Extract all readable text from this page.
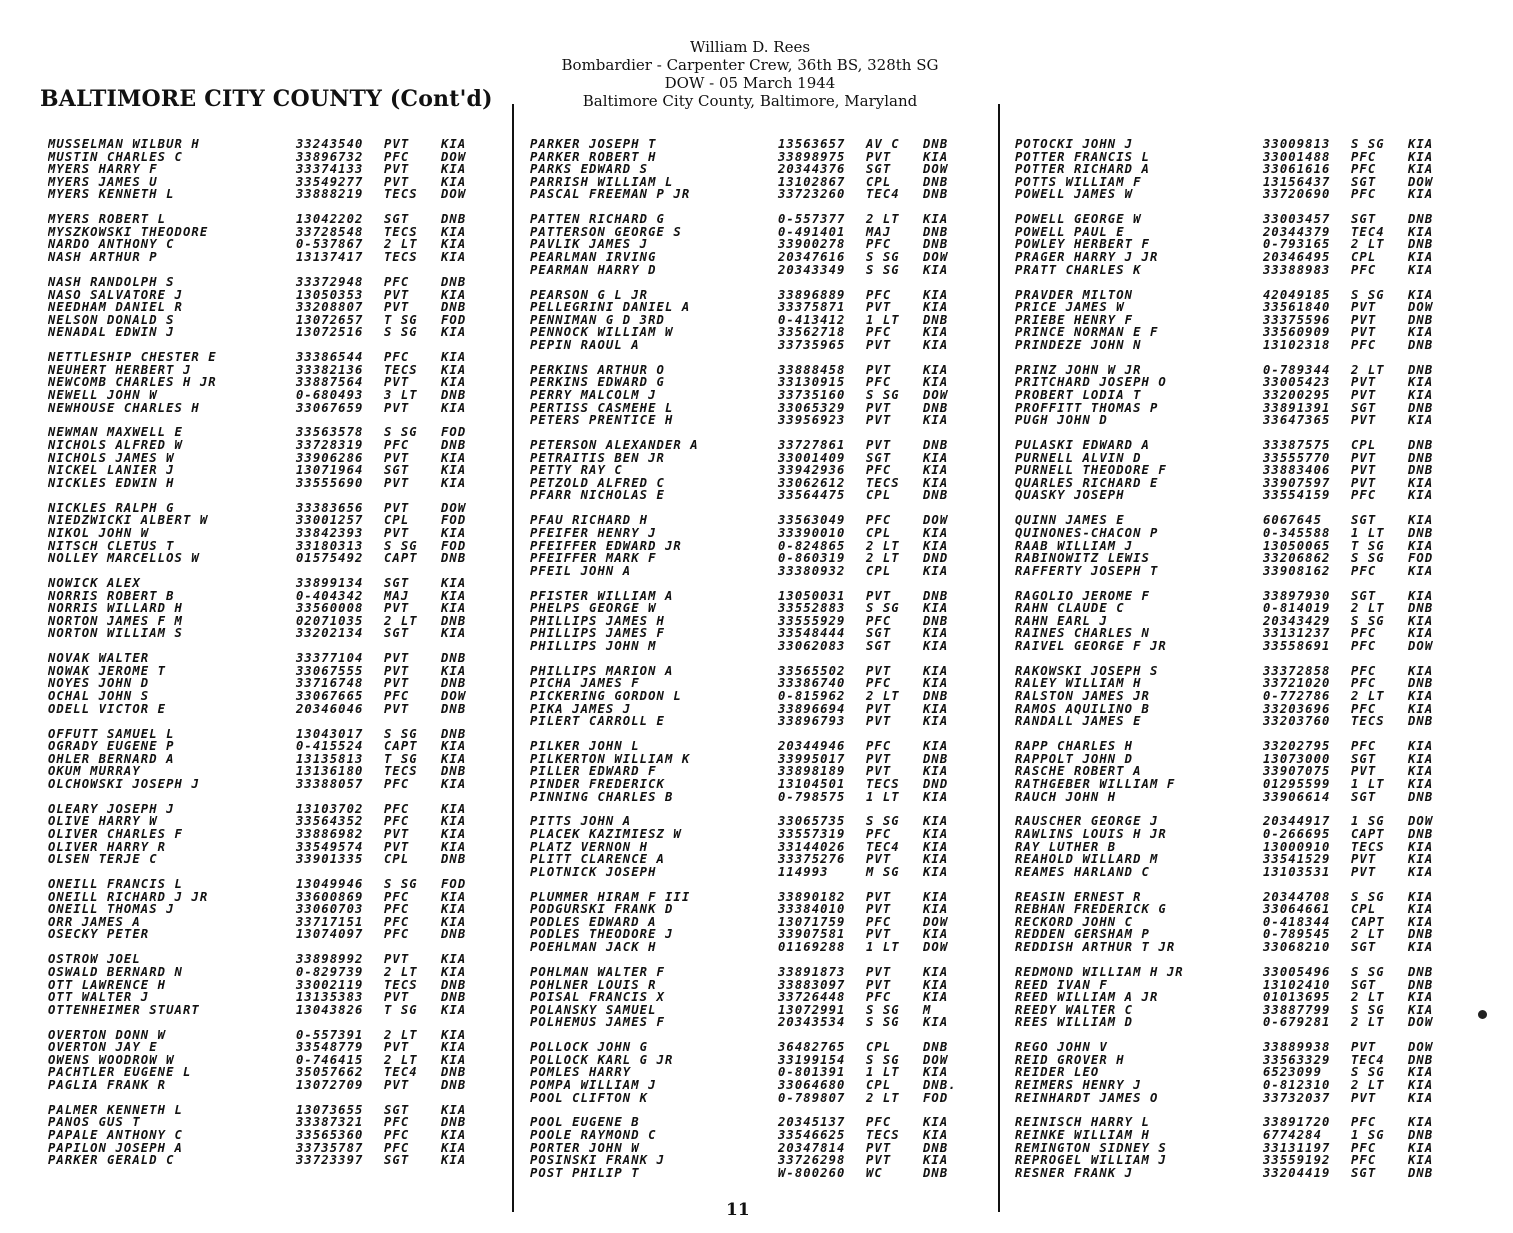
William D. Rees
Bombardier - Carpenter Crew, 36th BS, 328th SG
DOW - 05 March 1944
Baltimore City County, Baltimore, Maryland
BALTIMORE CITY COUNTY (Cont'd)
MUSSELMAN WILBUR H	33243540	PVT	KIA
MUSTIN CHARLES C	33896732	PFC	DOW
MYERS HARRY F	33374133	PVT	KIA
MYERS JAMES U	33549277	PVT	KIA
MYERS KENNETH L	33888219	TECS	DOW
MYERS ROBERT L	13042202	SGT	DNB
MYSZKOWSKI THEODORE	33728548	TECS	KIA
NARDO ANTHONY C	0-537867	2 LT	KIA
NASH ARTHUR P	13137417	TECS	KIA
NASH RANDOLPH S	33372948	PFC	DNB
NASO SALVATORE J	13050353	PVT	KIA
NEEDHAM DANIEL R	33208807	PVT	DNB
NELSON DONALD S	13072657	T SG	FOD
NENADAL EDWIN J	13072516	S SG	KIA
NETTLESHIP CHESTER E	33386544	PFC	KIA
NEUHERT HERBERT J	33382136	TECS	KIA
NEWCOMB CHARLES H JR	33887564	PVT	KIA
NEWELL JOHN W	0-680493	3 LT	DNB
NEWHOUSE CHARLES H	33067659	PVT	KIA
NEWMAN MAXWELL E	33563578	S SG	FOD
NICHOLS ALFRED W	33728319	PFC	DNB
NICHOLS JAMES W	33906286	PVT	KIA
NICKEL LANIER J	13071964	SGT	KIA
NICKLES EDWIN H	33555690	PVT	KIA
NICKLES RALPH G	33383656	PVT	DOW
NIEDZWICKI ALBERT W	33001257	CPL	FOD
NIKOL JOHN W	33842393	PVT	KIA
NITSCH CLETUS T	33180313	S SG	FOD
NOLLEY MARCELLOS W	01575492	CAPT	DNB
NOWICK ALEX	33899134	SGT	KIA
NORRIS ROBERT B	0-404342	MAJ	KIA
NORRIS WILLARD H	33560008	PVT	KIA
NORTON JAMES F M	02071035	2 LT	DNB
NORTON WILLIAM S	33202134	SGT	KIA
NOVAK WALTER	33377104	PVT	DNB
NOWAK JEROME T	33067555	PVT	KIA
NOYES JOHN D	33716748	PVT	DNB
OCHAL JOHN S	33067665	PFC	DOW
ODELL VICTOR E	20346046	PVT	DNB
OFFUTT SAMUEL L	13043017	S SG	DNB
OGRADY EUGENE P	0-415524	CAPT	KIA
OHLER BERNARD A	13135813	T SG	KIA
OKUM MURRAY	13136180	TECS	DNB
OLCHOWSKI JOSEPH J	33388057	PFC	KIA
OLEARY JOSEPH J	13103702	PFC	KIA
OLIVE HARRY W	33564352	PFC	KIA
OLIVER CHARLES F	33886982	PVT	KIA
OLIVER HARRY R	33549574	PVT	KIA
OLSEN TERJE C	33901335	CPL	DNB
ONEILL FRANCIS L	13049946	S SG	FOD
ONEILL RICHARD J JR	33600869	PFC	KIA
ONEILL THOMAS J	33060703	PFC	KIA
ORR JAMES A	33717151	PFC	KIA
OSECKY PETER	13074097	PFC	DNB
OSTROW JOEL	33898992	PVT	KIA
OSWALD BERNARD N	0-829739	2 LT	KIA
OTT LAWRENCE H	33002119	TECS	DNB
OTT WALTER J	13135383	PVT	DNB
OTTENHEIMER STUART	13043826	T SG	KIA
OVERTON DONN W	0-557391	2 LT	KIA
OVERTON JAY E	33548779	PVT	KIA
OWENS WOODROW W	0-746415	2 LT	KIA
PACHTLER EUGENE L	35057662	TEC4	DNB
PAGLIA FRANK R	13072709	PVT	DNB
PALMER KENNETH L	13073655	SGT	KIA
PANOS GUS T	33387321	PFC	DNB
PAPALE ANTHONY C	33565360	PFC	KIA
PAPILON JOSEPH A	33735787	PFC	KIA
PARKER GERALD C	33723397	SGT	KIA
PARKER JOSEPH T	13563657	AV C	DNB
PARKER ROBERT H	33898975	PVT	KIA
PARKS EDWARD S	20344376	SGT	DOW
PARRISH WILLIAM L	13102867	CPL	DNB
PASCAL FREEMAN P JR	33723260	TEC4	DNB
PATTEN RICHARD G	0-557377	2 LT	KIA
PATTERSON GEORGE S	0-491401	MAJ	DNB
PAVLIK JAMES J	33900278	PFC	DNB
PEARLMAN IRVING	20347616	S SG	DOW
PEARMAN HARRY D	20343349	S SG	KIA
PEARSON G L JR	33896889	PFC	KIA
PELLEGRINI DANIEL A	33375871	PVT	KIA
PENNIMAN G D 3RD	0-413412	1 LT	DNB
PENNOCK WILLIAM W	33562718	PFC	KIA
PEPIN RAOUL A	33735965	PVT	KIA
PERKINS ARTHUR O	33888458	PVT	KIA
PERKINS EDWARD G	33130915	PFC	KIA
PERRY MALCOLM J	33735160	S SG	DOW
PERTISS CASMEHE L	33065329	PVT	DNB
PETERS PRENTICE H	33956923	PVT	KIA
PETERSON ALEXANDER A	33727861	PVT	DNB
PETRAITIS BEN JR	33001409	SGT	KIA
PETTY RAY C	33942936	PFC	KIA
PETZOLD ALFRED C	33062612	TECS	KIA
PFARR NICHOLAS E	33564475	CPL	DNB
PFAU RICHARD H	33563049	PFC	DOW
PFEIFER HENRY J	33390010	CPL	KIA
PFEIFFER EDWARD JR	0-824865	2 LT	KIA
PFEIFFER MARK F	0-860319	2 LT	DND
PFEIL JOHN A	33380932	CPL	KIA
PFISTER WILLIAM A	13050031	PVT	DNB
PHELPS GEORGE W	33552883	S SG	KIA
PHILLIPS JAMES H	33555929	PFC	DNB
PHILLIPS JAMES F	33548444	SGT	KIA
PHILLIPS JOHN M	33062083	SGT	KIA
PHILLIPS MARION A	33565502	PVT	KIA
PICHA JAMES F	33386740	PFC	KIA
PICKERING GORDON L	0-815962	2 LT	DNB
PIKA JAMES J	33896694	PVT	KIA
PILERT CARROLL E	33896793	PVT	KIA
PILKER JOHN L	20344946	PFC	KIA
PILKERTON WILLIAM K	33995017	PVT	DNB
PILLER EDWARD F	33898189	PVT	KIA
PINDER FREDERICK	13104501	TECS	DND
PINNING CHARLES B	0-798575	1 LT	KIA
PITTS JOHN A	33065735	S SG	KIA
PLACEK KAZIMIESZ W	33557319	PFC	KIA
PLATZ VERNON H	33144026	TEC4	KIA
PLITT CLARENCE A	33375276	PVT	KIA
PLOTNICK JOSEPH	114993	M SG	KIA
PLUMMER HIRAM F III	33890182	PVT	KIA
PODGURSKI FRANK D	33384010	PVT	KIA
PODLES EDWARD A	13071759	PFC	DOW
PODLES THEODORE J	33907581	PVT	KIA
POEHLMAN JACK H	01169288	1 LT	DOW
POHLMAN WALTER F	33891873	PVT	KIA
POHLNER LOUIS R	33883097	PVT	KIA
POISAL FRANCIS X	33726448	PFC	KIA
POLANSKY SAMUEL	13072991	S SG	M
POLHEMUS JAMES F	20343534	S SG	KIA
POLLOCK JOHN G	36482765	CPL	DNB
POLLOCK KARL G JR	33199154	S SG	DOW
POMLES HARRY	0-801391	1 LT	KIA
POMPA WILLIAM J	33064680	CPL	DNB.
POOL CLIFTON K	0-789807	2 LT	FOD
POOL EUGENE B	20345137	PFC	KIA
POOLE RAYMOND C	33546625	TECS	KIA
PORTER JOHN W	20347814	PVT	DNB
POSINSKI FRANK J	33726298	PVT	KIA
POST PHILIP T	W-800260	WC	DNB
POTOCKI JOHN J	33009813	S SG	KIA
POTTER FRANCIS L	33001488	PFC	KIA
POTTER RICHARD A	33061616	PFC	KIA
POTTS WILLIAM F	13156437	SGT	DOW
POWELL JAMES W	33720690	PFC	KIA
POWELL GEORGE W	33003457	SGT	DNB
POWELL PAUL E	20344379	TEC4	KIA
POWLEY HERBERT F	0-793165	2 LT	DNB
PRAGER HARRY J JR	20346495	CPL	KIA
PRATT CHARLES K	33388983	PFC	KIA
PRAVDER MILTON	42049185	S SG	KIA
PRICE JAMES W	33561840	PVT	DOW
PRIEBE HENRY F	33375596	PVT	DNB
PRINCE NORMAN E F	33560909	PVT	KIA
PRINDEZE JOHN N	13102318	PFC	DNB
PRINZ JOHN W JR	0-789344	2 LT	DNB
PRITCHARD JOSEPH O	33005423	PVT	KIA
PROBERT LODIA T	33200295	PVT	KIA
PROFFITT THOMAS P	33891391	SGT	DNB
PUGH JOHN D	33647365	PVT	KIA
PULASKI EDWARD A	33387575	CPL	DNB
PURNELL ALVIN D	33555770	PVT	DNB
PURNELL THEODORE F	33883406	PVT	DNB
QUARLES RICHARD E	33907597	PVT	KIA
QUASKY JOSEPH	33554159	PFC	KIA
QUINN JAMES E	6067645	SGT	KIA
QUINONES-CHACON P	0-345588	1 LT	DNB
RAAB WILLIAM J	13050065	T SG	KIA
RABINOWITZ LEWIS	33206862	S SG	FOD
RAFFERTY JOSEPH T	33908162	PFC	KIA
RAGOLIO JEROME F	33897930	SGT	KIA
RAHN CLAUDE C	0-814019	2 LT	DNB
RAHN EARL J	20343429	S SG	KIA
RAINES CHARLES N	33131237	PFC	KIA
RAIVEL GEORGE F JR	33558691	PFC	DOW
RAKOWSKI JOSEPH S	33372858	PFC	KIA
RALEY WILLIAM H	33721020	PFC	DNB
RALSTON JAMES JR	0-772786	2 LT	KIA
RAMOS AQUILINO B	33203696	PFC	KIA
RANDALL JAMES E	33203760	TECS	DNB
RAPP CHARLES H	33202795	PFC	KIA
RAPPOLT JOHN D	13073000	SGT	KIA
RASCHE ROBERT A	33907075	PVT	KIA
RATHGEBER WILLIAM F	01295599	1 LT	KIA
RAUCH JOHN H	33906614	SGT	DNB
RAUSCHER GEORGE J	20344917	1 SG	DOW
RAWLINS LOUIS H JR	0-266695	CAPT	DNB
RAY LUTHER B	13000910	TECS	KIA
REAHOLD WILLARD M	33541529	PVT	KIA
REAMES HARLAND C	13103531	PVT	KIA
REASIN ERNEST R	20344708	S SG	KIA
REBHAN FREDERICK G	33064661	CPL	KIA
RECKORD JOHN C	0-418344	CAPT	KIA
REDDEN GERSHAM P	0-789545	2 LT	DNB
REDDISH ARTHUR T JR	33068210	SGT	KIA
REDMOND WILLIAM H JR	33005496	S SG	DNB
REED IVAN F	13102410	SGT	DNB
REED WILLIAM A JR	01013695	2 LT	KIA
REEDY WALTER C	33887799	S SG	KIA
REES WILLIAM D	0-679281	2 LT	DOW
REGO JOHN V	33889938	PVT	DOW
REID GROVER H	33563329	TEC4	DNB
REIDER LEO	6523099	S SG	KIA
REIMERS HENRY J	0-812310	2 LT	KIA
REINHARDT JAMES O	33732037	PVT	KIA
REINISCH HARRY L	33891720	PFC	KIA
REINKE WILLIAM H	6774284	1 SG	DNB
REMINGTON SIDNEY S	33131197	PFC	KIA
REPROGEL WILLIAM J	33559192	PFC	KIA
RESNER FRANK J	33204419	SGT	DNB
11
